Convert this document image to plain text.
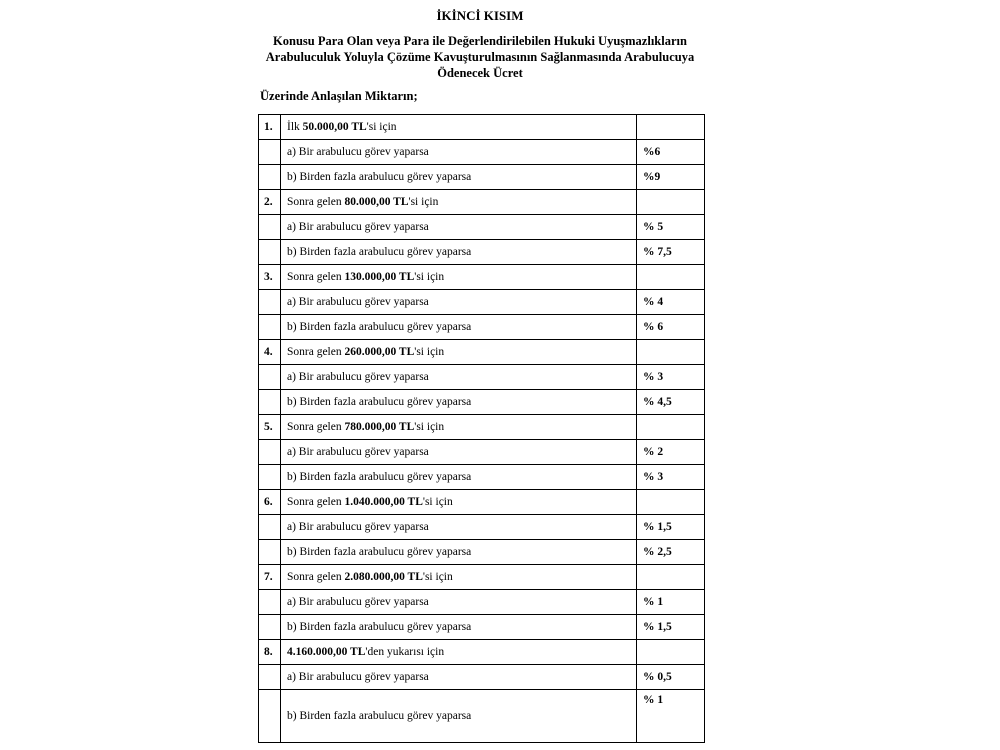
İKİNCİ KISIM
Konusu Para Olan veya Para ile Değerlendirilebilen Hukuki Uyuşmazlıkların
Arabuluculuk Yoluyla Çözüme Kavuşturulmasının Sağlanmasında Arabulucuya
Ödenecek Ücret
Üzerinde Anlaşılan Miktarın;
1.	İlk 50.000,00 TL'si için	
	a) Bir arabulucu görev yaparsa	%6
	b) Birden fazla arabulucu görev yaparsa	%9
2.	Sonra gelen 80.000,00 TL'si için	
	a) Bir arabulucu görev yaparsa	% 5
	b) Birden fazla arabulucu görev yaparsa	% 7,5
3.	Sonra gelen 130.000,00 TL'si için	
	a) Bir arabulucu görev yaparsa	% 4
	b) Birden fazla arabulucu görev yaparsa	% 6
4.	Sonra gelen 260.000,00 TL'si için	
	a) Bir arabulucu görev yaparsa	% 3
	b) Birden fazla arabulucu görev yaparsa	% 4,5
5.	Sonra gelen 780.000,00 TL'si için	
	a) Bir arabulucu görev yaparsa	% 2
	b) Birden fazla arabulucu görev yaparsa	% 3
6.	Sonra gelen 1.040.000,00 TL'si için	
	a) Bir arabulucu görev yaparsa	% 1,5
	b) Birden fazla arabulucu görev yaparsa	% 2,5
7.	Sonra gelen 2.080.000,00 TL'si için	
	a) Bir arabulucu görev yaparsa	% 1
	b) Birden fazla arabulucu görev yaparsa	% 1,5
8.	4.160.000,00 TL'den yukarısı için	
	a) Bir arabulucu görev yaparsa	% 0,5
	b) Birden fazla arabulucu görev yaparsa	% 1
